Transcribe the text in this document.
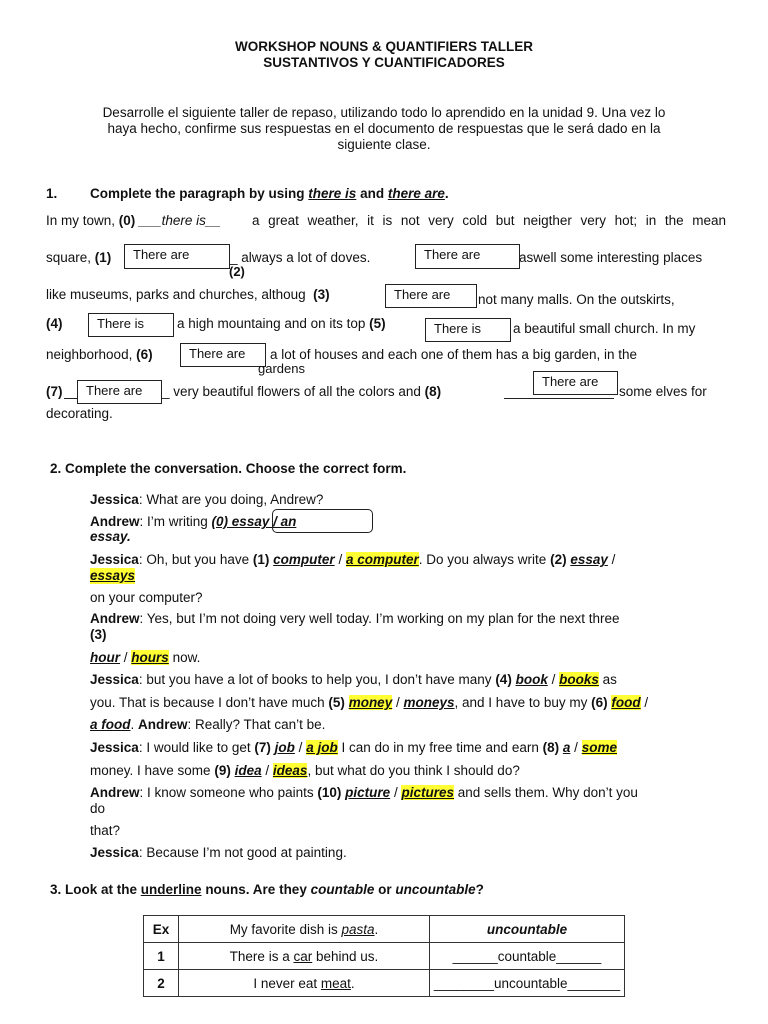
WORKSHOP NOUNS & QUANTIFIERS TALLER
SUSTANTIVOS Y CUANTIFICADORES
Desarrolle el siguiente taller de repaso, utilizando todo lo aprendido en la unidad 9. Una vez lo
haya hecho, confirme sus respuestas en el documento de respuestas que le será dado en la
siguiente clase.
1. Complete the paragraph by using there is and there are.
In my town, (0) ___there is__ a great weather, it is not very cold but neigther very hot; in the mean
square, (1)	There are	_ always a lot of doves.
(2)
There are	aswell some interesting places
like museums, parks and churches, althoug (3)	There are	not many malls. On the outskirts,
(4)	There is	a high mountaing and on its top (5)	There is	a beautiful small church. In my
neighborhood, (6)	There are	a lot of houses and each one of them has a big garden, in the
gardens
(7)	There are	_ very beautiful flowers of all the colors and (8)
There are
some elves for
decorating.
2. Complete the conversation. Choose the correct form.
Jessica: What are you doing, Andrew?
Andrew: I’m writing (0) essay / an
essay.
Jessica: Oh, but you have (1) computer / a computer. Do you always write (2) essay /
essays
on your computer?
Andrew: Yes, but I’m not doing very well today. I’m working on my plan for the next three
(3)
hour / hours now.
Jessica: but you have a lot of books to help you, I don’t have many (4) book / books as
you. That is because I don’t have much (5) money / moneys, and I have to buy my (6) food /
a food. Andrew: Really? That can’t be.
Jessica: I would like to get (7) job / a job I can do in my free time and earn (8) a / some
money. I have some (9) idea / ideas, but what do you think I should do?
Andrew: I know someone who paints (10) picture / pictures and sells them. Why don’t you
do
that?
Jessica: Because I’m not good at painting.
3. Look at the underline nouns. Are they countable or uncountable?
Ex	My favorite dish is pasta.	uncountable
1	There is a car behind us.	______countable______
2	I never eat meat.	________uncountable_______
